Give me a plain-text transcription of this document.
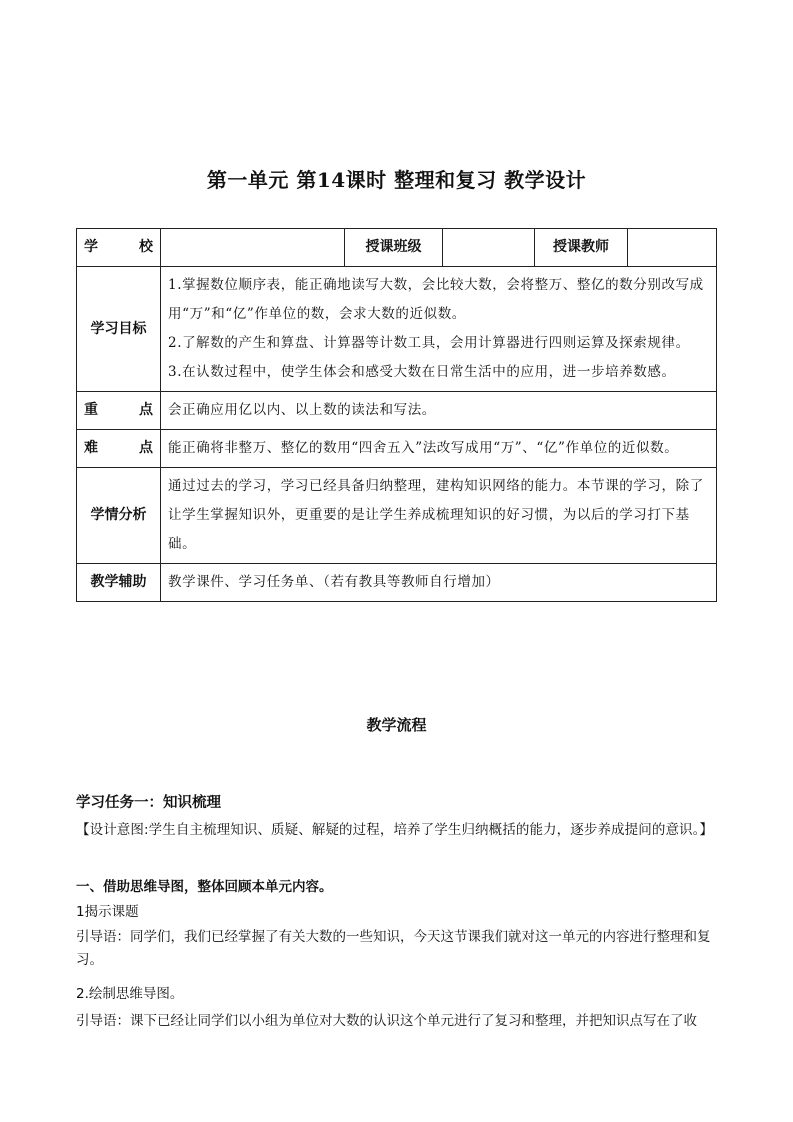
第一单元 第14课时 整理和复习 教学设计
学　　校		授课班级		授课教师	
学习目标	1.掌握数位顺序表，能正确地读写大数，会比较大数，会将整万、整亿的数分别改写成用“万”和“亿”作单位的数，会求大数的近似数。

2.了解数的产生和算盘、计算器等计数工具，会用计算器进行四则运算及探索规律。

3.在认数过程中，使学生体会和感受大数在日常生活中的应用，进一步培养数感。				

重　　点	会正确应用亿以内、以上数的读法和写法。				

难　　点	能正确将非整万、整亿的数用“四舍五入”法改写成用“万”、“亿”作单位的近似数。				

学情分析	通过过去的学习，学习已经具备归纳整理，建构知识网络的能力。本节课的学习，除了让学生掌握知识外，更重要的是让学生养成梳理知识的好习惯，为以后的学习打下基础。				

教学辅助	教学课件、学习任务单、（若有教具等教师自行增加）				

教学流程
学习任务一：知识梳理
【设计意图:学生自主梳理知识、质疑、解疑的过程，培养了学生归纳概括的能力，逐步养成提问的意识。】
一、借助思维导图，整体回顾本单元内容。
1揭示课题
引导语：同学们，我们已经掌握了有关大数的一些知识，今天这节课我们就对这一单元的内容进行整理和复习。
2.绘制思维导图。
引导语：课下已经让同学们以小组为单位对大数的认识这个单元进行了复习和整理，并把知识点写在了收
